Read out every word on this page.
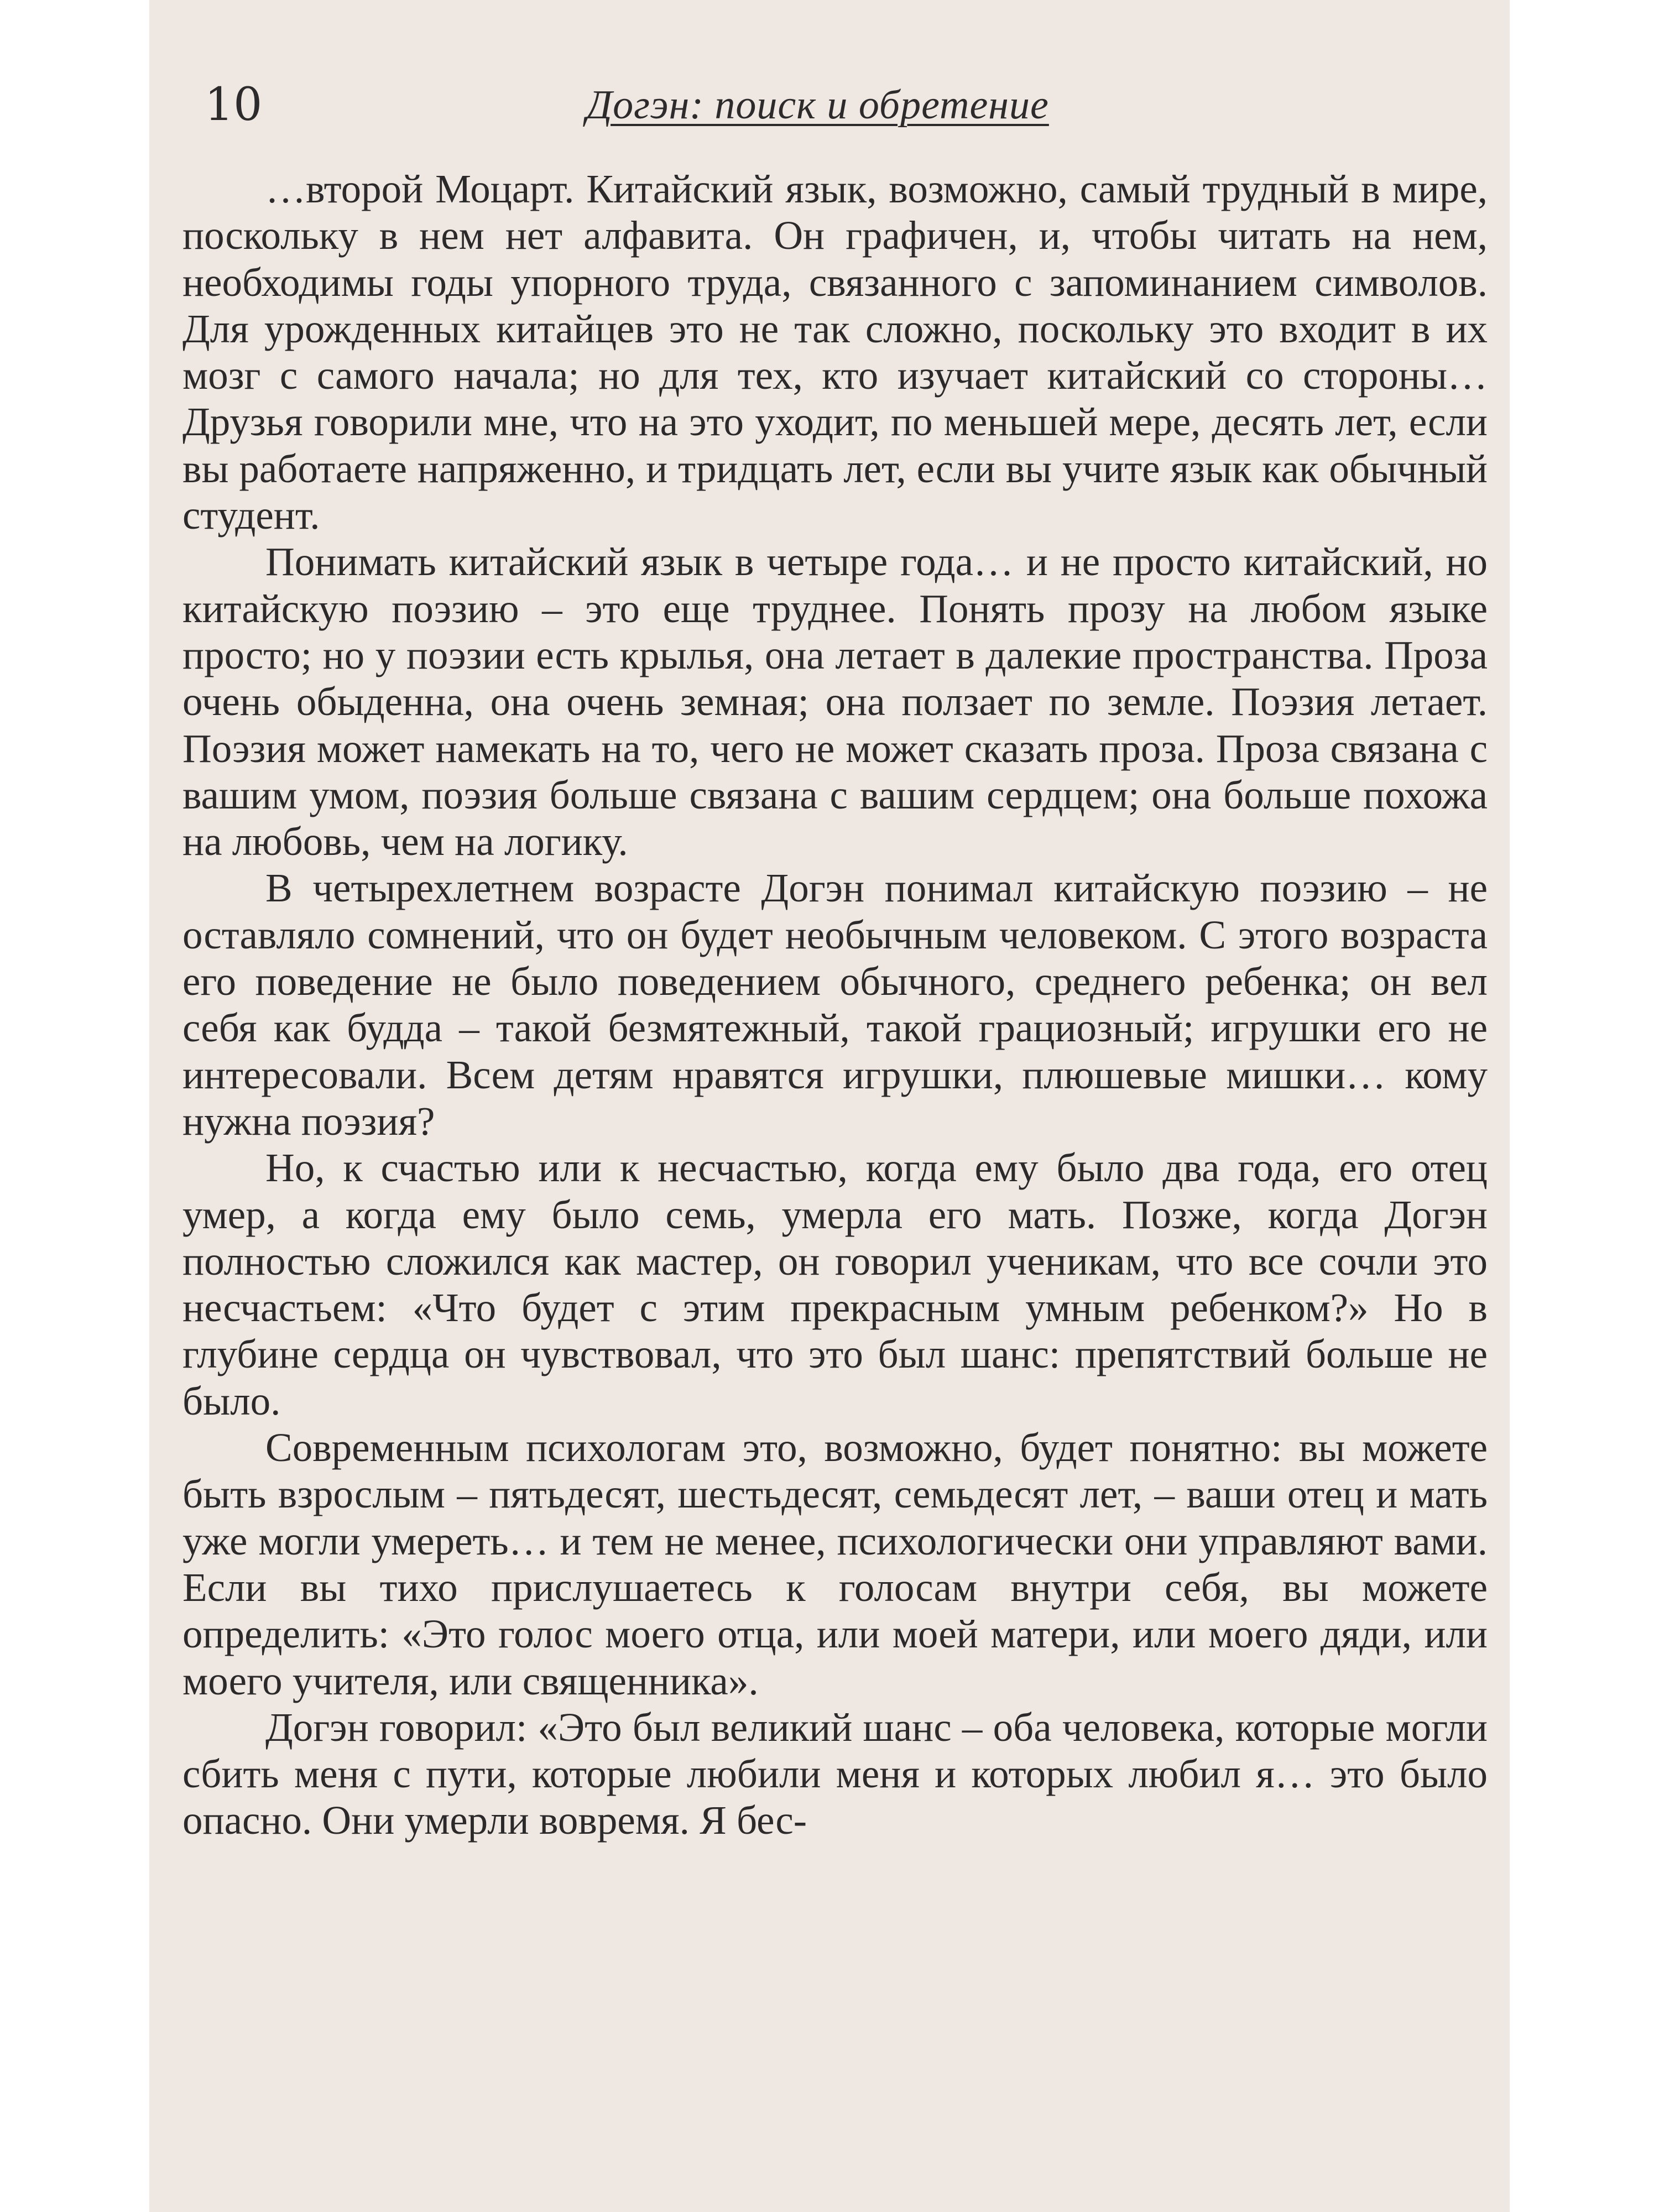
10	Догэн: поиск и обретение

…второй Моцарт. Китайский язык, возможно, самый трудный в мире, поскольку в нем нет алфавита. Он графичен, и, чтобы читать на нем, необходимы годы упорного труда, связанного с запоминанием символов. Для урожденных китайцев это не так сложно, поскольку это входит в их мозг с самого начала; но для тех, кто изучает китайский со стороны… Друзья говорили мне, что на это уходит, по меньшей мере, десять лет, если вы работаете напряженно, и тридцать лет, если вы учите язык как обычный студент.

Понимать китайский язык в четыре года… и не просто китайский, но китайскую поэзию – это еще труднее. Понять прозу на любом языке просто; но у поэзии есть крылья, она летает в далекие пространства. Проза очень обыденна, она очень земная; она ползает по земле. Поэзия летает. Поэзия может намекать на то, чего не может сказать проза. Проза связана с вашим умом, поэзия больше связана с вашим сердцем; она больше похожа на любовь, чем на логику.

В четырехлетнем возрасте Догэн понимал китайскую поэзию – не оставляло сомнений, что он будет необычным человеком. С этого возраста его поведение не было поведением обычного, среднего ребенка; он вел себя как будда – такой безмятежный, такой грациозный; игрушки его не интересовали. Всем детям нравятся игрушки, плюшевые мишки… кому нужна поэзия?

Но, к счастью или к несчастью, когда ему было два года, его отец умер, а когда ему было семь, умерла его мать. Позже, когда Догэн полностью сложился как мастер, он говорил ученикам, что все сочли это несчастьем: «Что будет с этим прекрасным умным ребенком?» Но в глубине сердца он чувствовал, что это был шанс: препятствий больше не было.

Современным психологам это, возможно, будет понятно: вы можете быть взрослым – пятьдесят, шестьдесят, семьдесят лет, – ваши отец и мать уже могли умереть… и тем не менее, психологически они управляют вами. Если вы тихо прислушаетесь к голосам внутри себя, вы можете определить: «Это голос моего отца, или моей матери, или моего дяди, или моего учителя, или священника».

Догэн говорил: «Это был великий шанс – оба человека, которые могли сбить меня с пути, которые любили меня и которых любил я… это было опасно. Они умерли вовремя. Я бес-
